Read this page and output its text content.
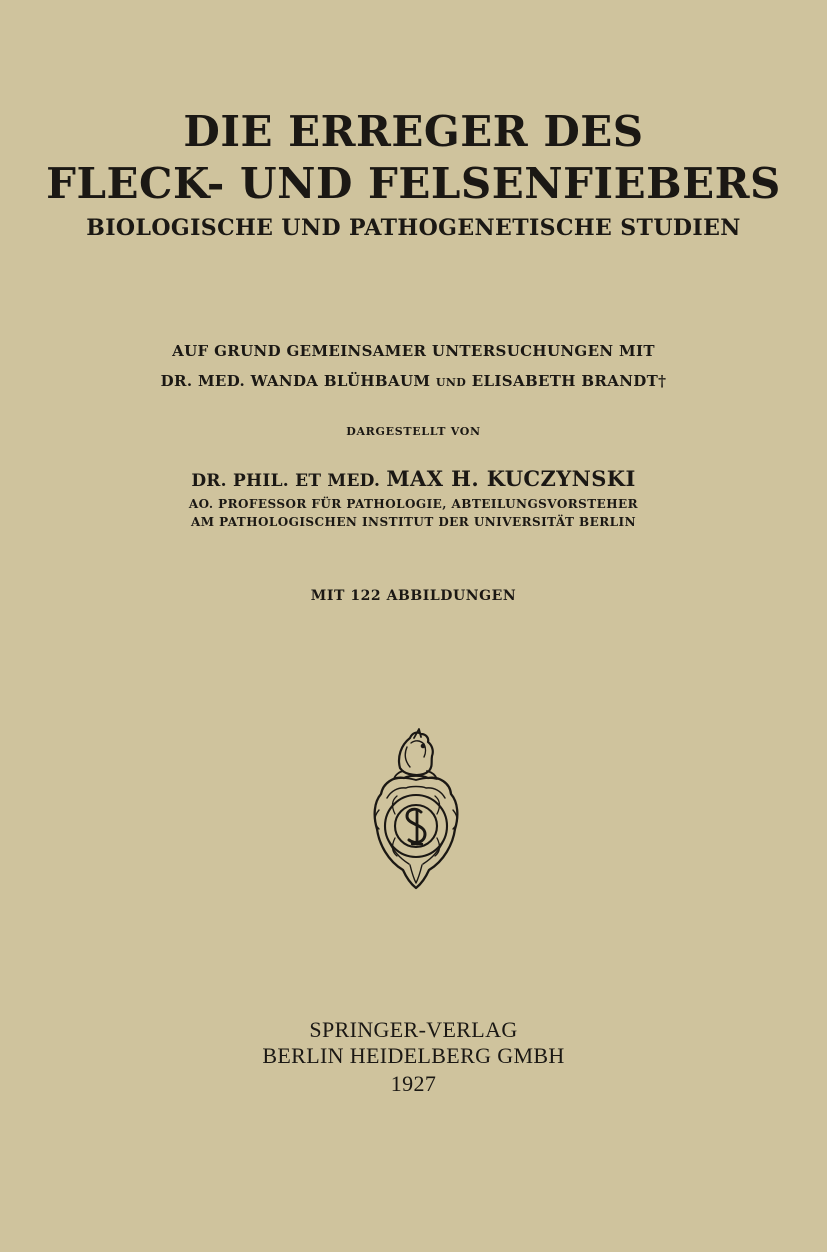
DIE ERREGER DES
FLECK- UND FELSENFIEBERS
BIOLOGISCHE UND PATHOGENETISCHE STUDIEN
AUF GRUND GEMEINSAMER UNTERSUCHUNGEN MIT
DR. MED. WANDA BLÜHBAUM UND ELISABETH BRANDT†
DARGESTELLT VON
DR. PHIL. ET MED. MAX H. KUCZYNSKI
AO. PROFESSOR FÜR PATHOLOGIE, ABTEILUNGSVORSTEHER
AM PATHOLOGISCHEN INSTITUT DER UNIVERSITÄT BERLIN
MIT 122 ABBILDUNGEN
SPRINGER-VERLAG
BERLIN HEIDELBERG GMBH
1927
